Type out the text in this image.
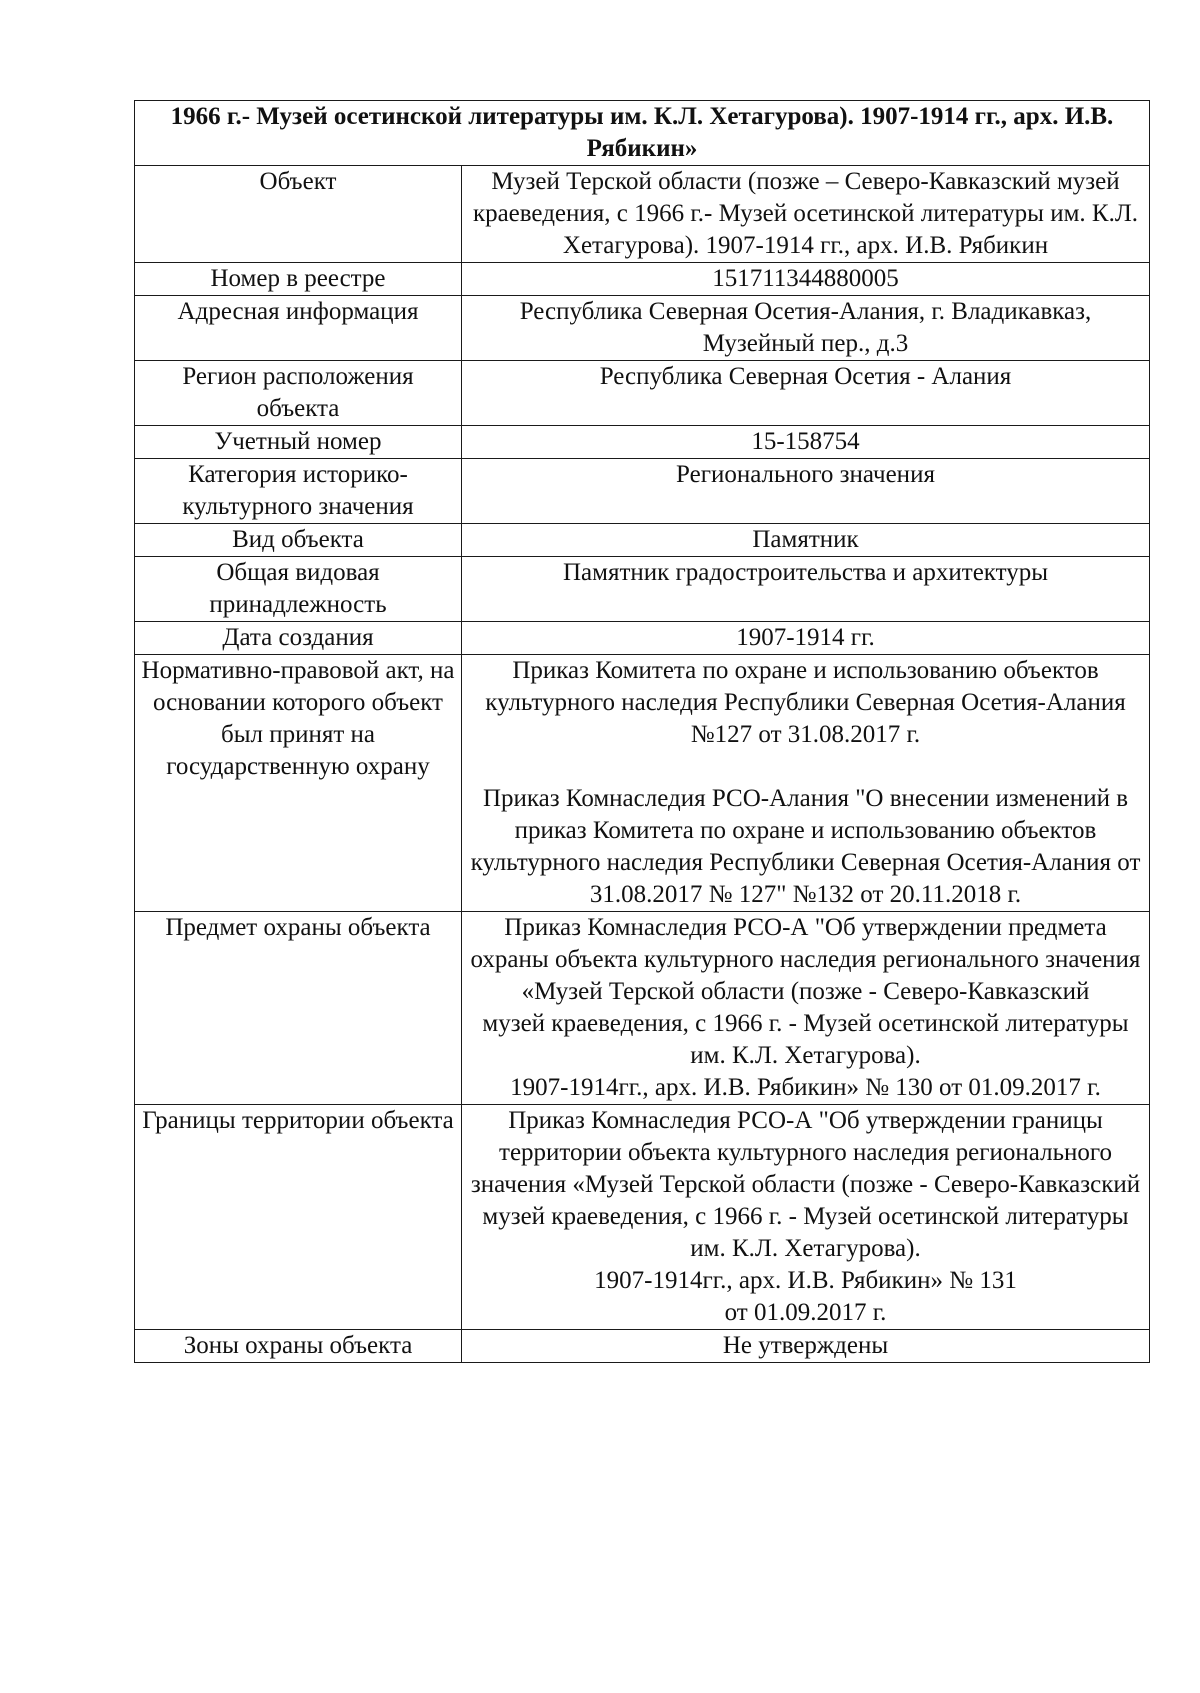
1966 г.- Музей осетинской литературы им. К.Л. Хетагурова). 1907-1914 гг., арх. И.В. Рябикин»	
Объект	Музей Терской области (позже – Северо-Кавказский музей краеведения, с 1966 г.- Музей осетинской литературы им. К.Л. Хетагурова). 1907-1914 гг., арх. И.В. Рябикин
Номер в реестре	151711344880005
Адресная информация	Республика Северная Осетия-Алания, г. Владикавказ, Музейный пер., д.3
Регион расположения объекта	Республика Северная Осетия - Алания
Учетный номер	15-158754
Категория историко-культурного значения	Регионального значения
Вид объекта	Памятник
Общая видовая принадлежность	Памятник градостроительства и архитектуры
Дата создания	1907-1914 гг.
Нормативно-правовой акт, на основании которого объект был принят на государственную охрану	Приказ Комитета по охране и использованию объектов культурного наследия Республики Северная Осетия-Алания №127 от 31.08.2017 г.
Приказ Комнаследия РСО-Алания "О внесении изменений в приказ Комитета по охране и использованию объектов культурного наследия Республики Северная Осетия-Алания от 31.08.2017 № 127" №132 от 20.11.2018 г.

Предмет охраны объекта	Приказ Комнаследия РСО-А "Об утверждении предмета охраны объекта культурного наследия регионального значения «Музей Терской области (позже - Северо-Кавказский
музей краеведения, с 1966 г. - Музей осетинской литературы им. К.Л. Хетагурова).
1907-1914гг., арх. И.В. Рябикин» № 130 от 01.09.2017 г.

Границы территории объекта	Приказ Комнаследия РСО-А "Об утверждении границы территории объекта культурного наследия регионального значения «Музей Терской области (позже - Северо-Кавказский
музей краеведения, с 1966 г. - Музей осетинской литературы им. К.Л. Хетагурова).
1907-1914гг., арх. И.В. Рябикин» № 131
от 01.09.2017 г.

Зоны охраны объекта	Не утверждены
